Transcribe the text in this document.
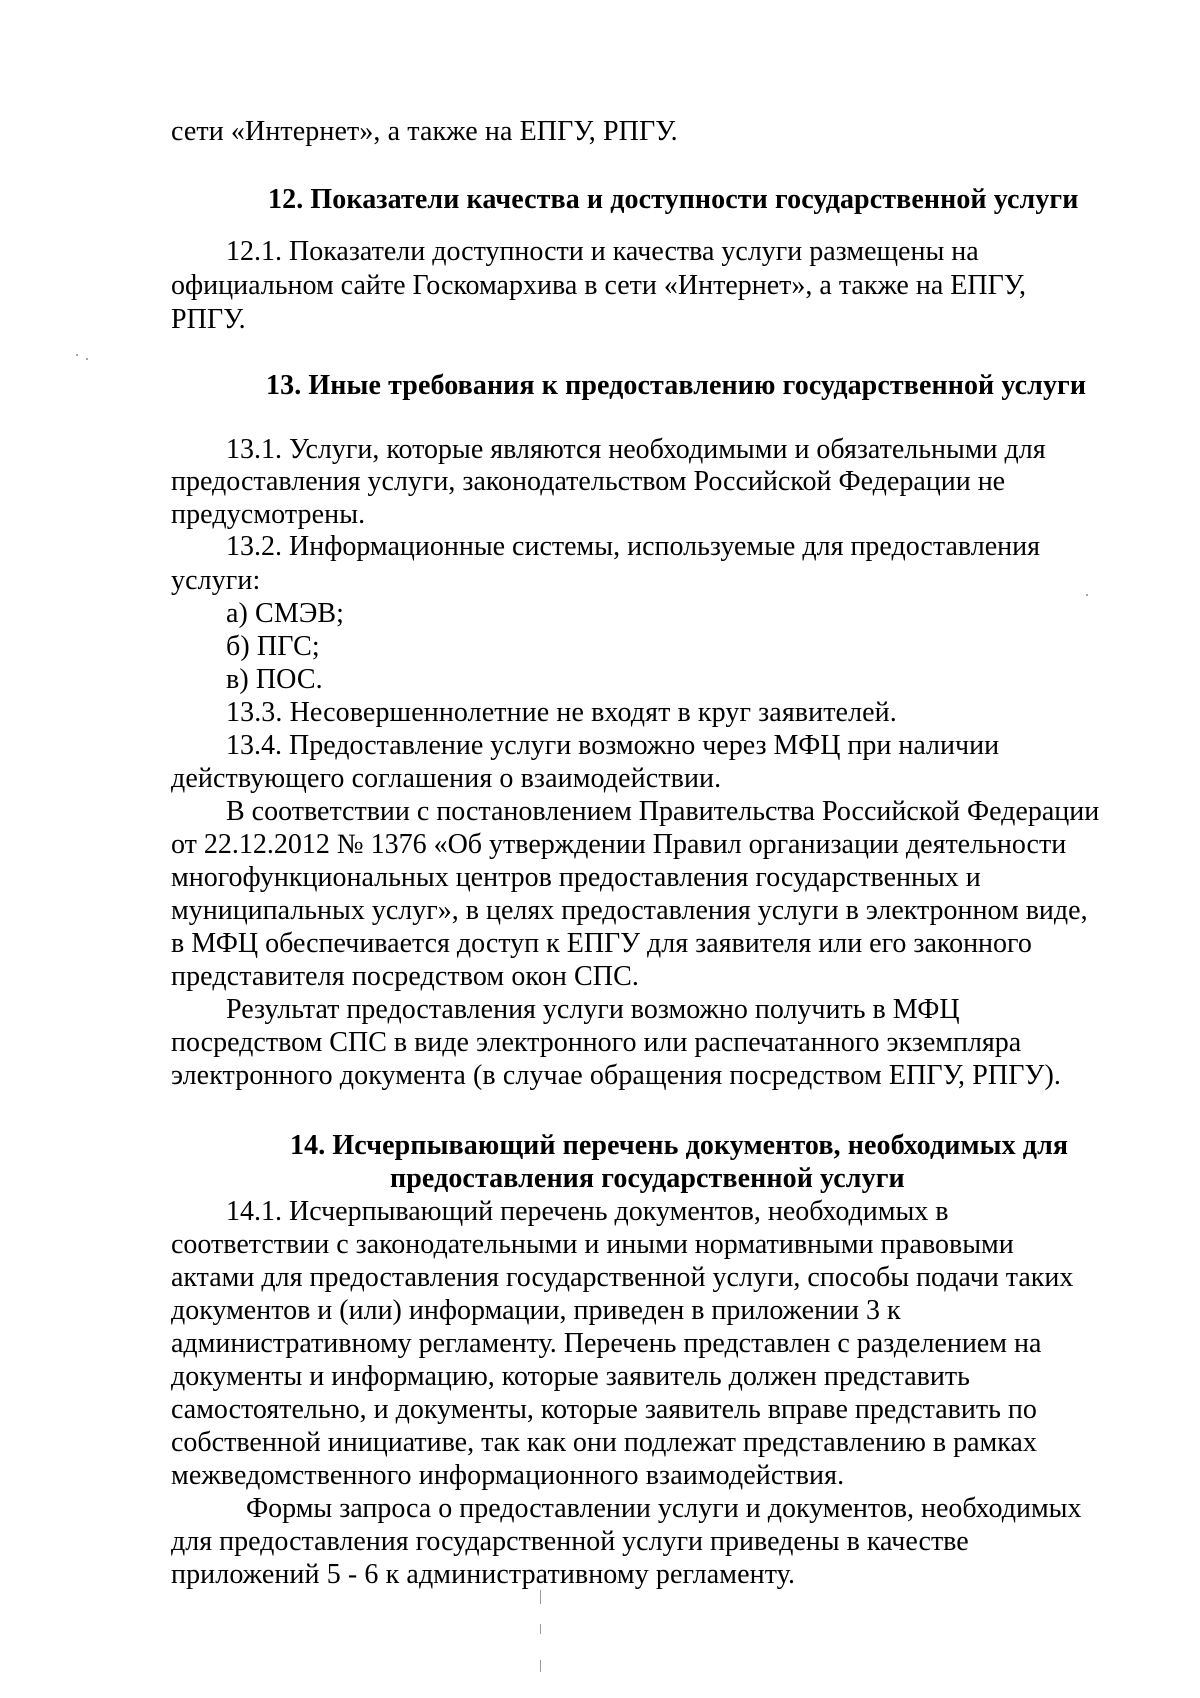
сети «Интернет», а также на ЕПГУ, РПГУ.
12. Показатели качества и доступности государственной услуги
12.1. Показатели доступности и качества услуги размещены на
официальном сайте Госкомархива в сети «Интернет», а также на ЕПГУ,
РПГУ.
13. Иные требования к предоставлению государственной услуги
13.1. Услуги, которые являются необходимыми и обязательными для
предоставления услуги, законодательством Российской Федерации не
предусмотрены.
13.2. Информационные системы, используемые для предоставления
услуги:
а) СМЭВ;
б) ПГС;
в) ПОС.
13.3. Несовершеннолетние не входят в круг заявителей.
13.4. Предоставление услуги возможно через МФЦ при наличии
действующего соглашения о взаимодействии.
В соответствии с постановлением Правительства Российской Федерации
от 22.12.2012 № 1376 «Об утверждении Правил организации деятельности
многофункциональных центров предоставления государственных и
муниципальных услуг», в целях предоставления услуги в электронном виде,
в МФЦ обеспечивается доступ к ЕПГУ для заявителя или его законного
представителя посредством окон СПС.
Результат предоставления услуги возможно получить в МФЦ
посредством СПС в виде электронного или распечатанного экземпляра
электронного документа (в случае обращения посредством ЕПГУ, РПГУ).
14. Исчерпывающий перечень документов, необходимых для
предоставления государственной услуги
14.1. Исчерпывающий перечень документов, необходимых в
соответствии с законодательными и иными нормативными правовыми
актами для предоставления государственной услуги, способы подачи таких
документов и (или) информации, приведен в приложении 3 к
административному регламенту. Перечень представлен с разделением на
документы и информацию, которые заявитель должен представить
самостоятельно, и документы, которые заявитель вправе представить по
собственной инициативе, так как они подлежат представлению в рамках
межведомственного информационного взаимодействия.
Формы запроса о предоставлении услуги и документов, необходимых
для предоставления государственной услуги приведены в качестве
приложений 5 - 6 к административному регламенту.
